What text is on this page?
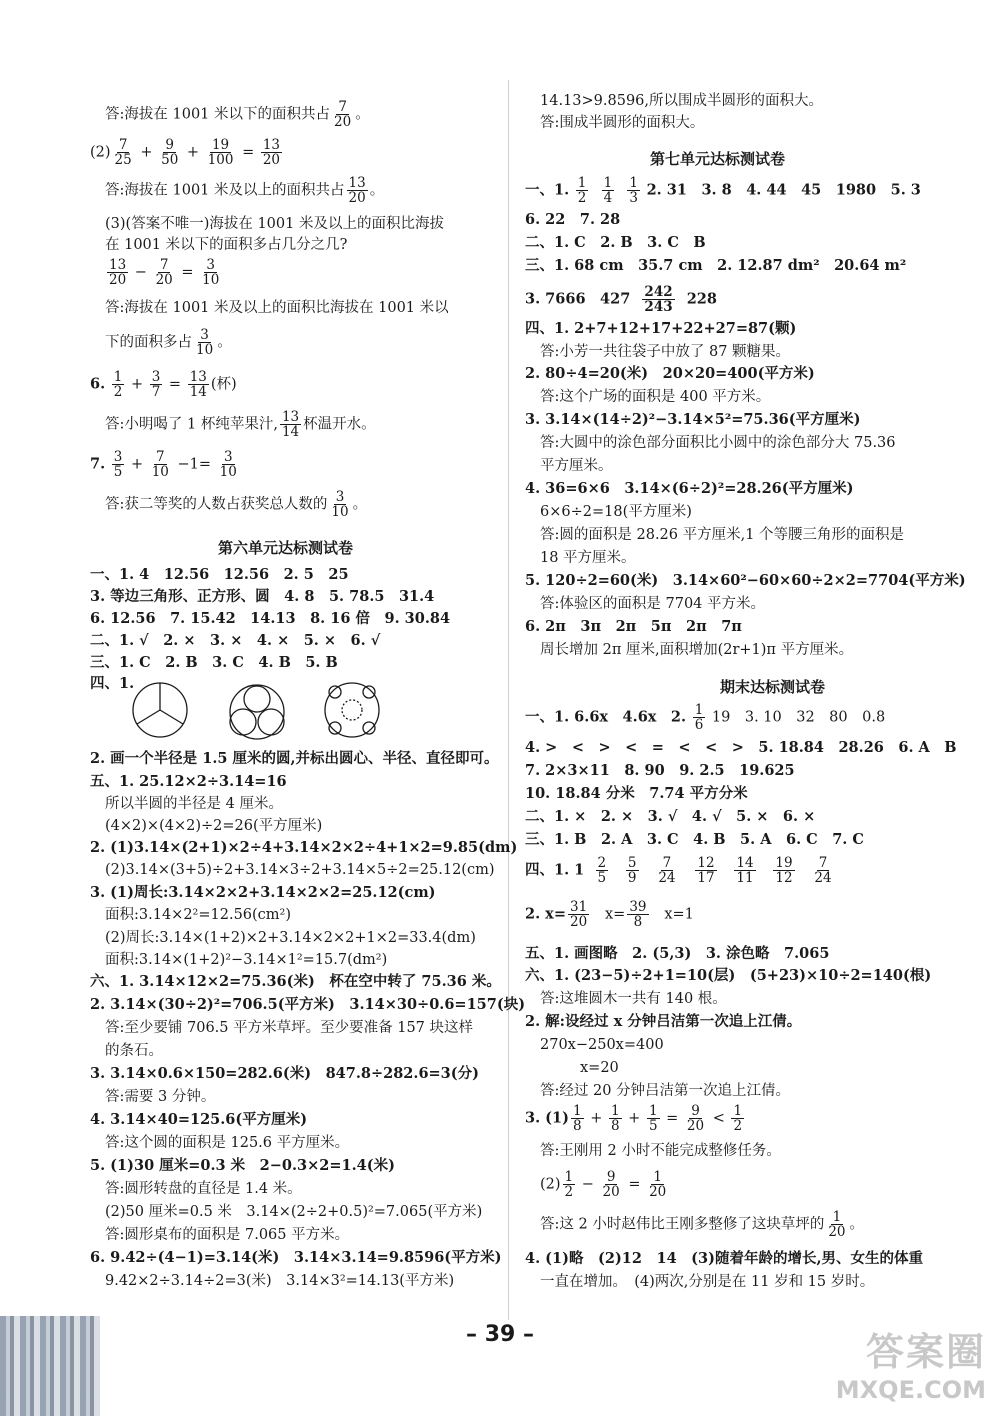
答:海拔在 1001 米以下的面积共占 $\frac{7}{20}$ 。
$(2) \frac{7}{25} + \frac{9}{50} + \frac{19}{100} = \frac{13}{20}$
答:海拔在 1001 米及以上的面积共占 $\frac{13}{20}$ 。
(3)(答案不唯一)海拔在 1001 米及以上的面积比海拔
在 1001 米以下的面积多占几分之几?
$\frac{13}{20} - \frac{7}{20} = \frac{3}{10}$
答:海拔在 1001 米及以上的面积比海拔在 1001 米以
下的面积多占 $\frac{3}{10}$ 。
6. $\frac{1}{2} + \frac{3}{7} = \frac{13}{14}$ (杯)
答:小明喝了 1 杯纯苹果汁, $\frac{13}{14}$ 杯温开水。
7. $\frac{3}{5} + \frac{7}{10} -1= \frac{3}{10}$
答:获二等奖的人数占获奖总人数的 $\frac{3}{10}$ 。
第六单元达标测试卷
一、1. 4　12.56　12.56　2. 5　25
3. 等边三角形、正方形、圆　4. 8　5. 78.5　31.4
6. 12.56　7. 15.42　14.13　8. 16 倍　9. 30.84
二、1. √　2. ×　3. ×　4. ×　5. ×　6. √
三、1. C　2. B　3. C　4. B　5. B
四、1.
2. 画一个半径是 1.5 厘米的圆,并标出圆心、半径、直径即可。
五、1. 25.12×2÷3.14=16
所以半圆的半径是 4 厘米。
(4×2)×(4×2)÷2=26(平方厘米)
2. (1)3.14×(2+1)×2÷4+3.14×2×2÷4+1×2=9.85(dm)
(2)3.14×(3+5)÷2+3.14×3÷2+3.14×5÷2=25.12(cm)
3. (1)周长:3.14×2×2+3.14×2×2=25.12(cm)
面积:3.14×2²=12.56(cm²)
(2)周长:3.14×(1+2)×2+3.14×2×2+1×2=33.4(dm)
面积:3.14×(1+2)²−3.14×1²=15.7(dm²)
六、1. 3.14×12×2=75.36(米)　杯在空中转了 75.36 米。
2. 3.14×(30÷2)²=706.5(平方米)　3.14×30÷0.6=157(块)
答:至少要铺 706.5 平方米草坪。至少要准备 157 块这样
的条石。
3. 3.14×0.6×150=282.6(米)　847.8÷282.6=3(分)
答:需要 3 分钟。
4. 3.14×40=125.6(平方厘米)
答:这个圆的面积是 125.6 平方厘米。
5. (1)30 厘米=0.3 米　2−0.3×2=1.4(米)
答:圆形转盘的直径是 1.4 米。
(2)50 厘米=0.5 米　3.14×(2÷2+0.5)²=7.065(平方米)
答:圆形桌布的面积是 7.065 平方米。
6. 9.42÷(4−1)=3.14(米)　3.14×3.14=9.8596(平方米)
9.42×2÷3.14÷2=3(米)　3.14×3²=14.13(平方米)
14.13>9.8596,所以围成半圆形的面积大。
答:围成半圆形的面积大。
第七单元达标测试卷
一、1. $\frac{1}{2}$
$\frac{1}{4}$
$\frac{1}{3} 2$. 31　3. 8　4. 44　45　1980　5. 3
6. 22　7. 28
二、1. C　2. B　3. C　B
三、1. 68 cm　35.7 cm　2. 12.87 dm²　20.64 m²
3. 7666　$427 \frac{242}{243} 228$
四、1. 2+7+12+17+22+27=87(颗)
答:小芳一共往袋子中放了 87 颗糖果。
2. 80÷4=20(米)　20×20=400(平方米)
答:这个广场的面积是 400 平方米。
3. 3.14×(14÷2)²−3.14×5²=75.36(平方厘米)
答:大圆中的涂色部分面积比小圆中的涂色部分大 75.36
平方厘米。
4. 36=6×6　3.14×(6÷2)²=28.26(平方厘米)
6×6÷2=18(平方厘米)
答:圆的面积是 28.26 平方厘米,1 个等腰三角形的面积是
18 平方厘米。
5. 120÷2=60(米)　3.14×60²−60×60÷2×2=7704(平方米)
答:体验区的面积是 7704 平方米。
6. 2π　3π　2π　5π　2π　7π
周长增加 2π 厘米,面积增加(2r+1)π 平方厘米。
期末达标测试卷
一、1. 6.6x　4.6x　2. $\frac{1}{6} 19$　3. 10　32　80　0.8
4. >　<　>　<　=　<　<　>　5. 18.84　28.26　6. A　B
7. 2×3×11　8. 90　9. 2.5　19.625
10. 18.84 分米　7.74 平方分米
二、1. ×　2. ×　3. √　4. √　5. ×　6. ×
三、1. B　2. A　3. C　4. B　5. A　6. C　7. C
四、1. $1 \frac{2}{5}$
$\frac{5}{9}$
$\frac{7}{24}$
$\frac{12}{17}$
$\frac{14}{11}$
$\frac{19}{12}$
$\frac{7}{24}$
2. $x= \frac{31}{20} x= \frac{39}{8} x=1$
五、1. 画图略　2. (5,3)　3. 涂色略　7.065
六、1. (23−5)÷2+1=10(层)　(5+23)×10÷2=140(根)
答:这堆圆木一共有 140 根。
2. 解:设经过 x 分钟吕洁第一次追上江倩。
270x−250x=400
x=20
答:经过 20 分钟吕洁第一次追上江倩。
3. $(1) \frac{1}{8} + \frac{1}{8} + \frac{1}{5} = \frac{9}{20} < \frac{1}{2}$
答:王刚用 2 小时不能完成整修任务。
$(2) \frac{1}{2} - \frac{9}{20} = \frac{1}{20}$
答:这 2 小时赵伟比王刚多整修了这块草坪的 $\frac{1}{20}$ 。
4. (1)略　(2)12　14　(3)随着年龄的增长,男、女生的体重
一直在增加。　(4)两次,分别是在 11 岁和 15 岁时。
– 39 –	答案圈
MXQE.COM
